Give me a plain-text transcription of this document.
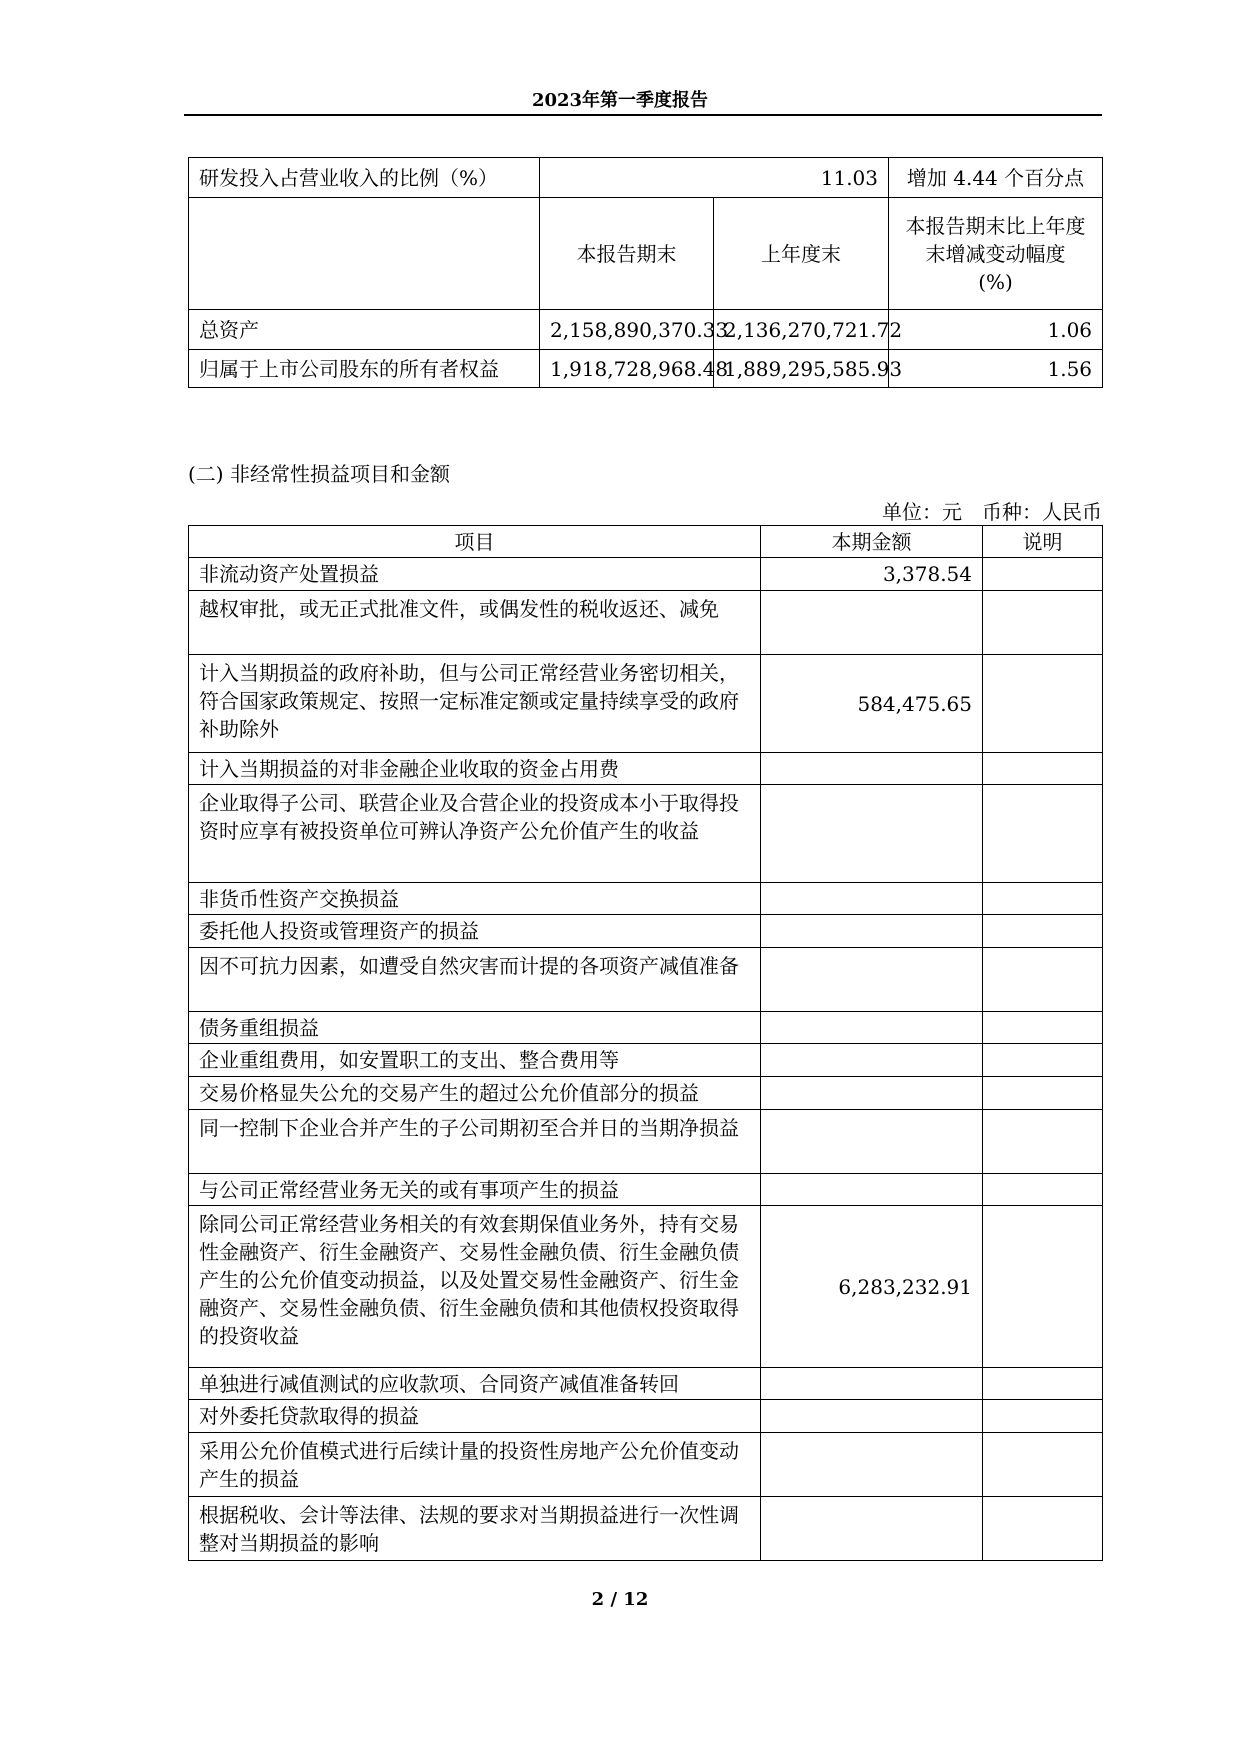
2023年第一季度报告
研发投入占营业收入的比例（%）	11.03		增加 4.44 个百分点
	本报告期末	上年度末	本报告期末比上年度
末增减变动幅度
(%)

总资产	2,158,890,370.33	2,136,270,721.72	1.06
归属于上市公司股东的所有者权益	1,918,728,968.48	1,889,295,585.93	1.56
(二) 非经常性损益项目和金额
单位：元　币种：人民币
项目	本期金额	说明
非流动资产处置损益	3,378.54	
越权审批，或无正式批准文件，或偶发性的税收返还、减免		
计入当期损益的政府补助，但与公司正常经营业务密切相关，符合国家政策规定、按照一定标准定额或定量持续享受的政府补助除外	584,475.65	
计入当期损益的对非金融企业收取的资金占用费		
企业取得子公司、联营企业及合营企业的投资成本小于取得投资时应享有被投资单位可辨认净资产公允价值产生的收益		
非货币性资产交换损益		
委托他人投资或管理资产的损益		
因不可抗力因素，如遭受自然灾害而计提的各项资产减值准备		
债务重组损益		
企业重组费用，如安置职工的支出、整合费用等		
交易价格显失公允的交易产生的超过公允价值部分的损益		
同一控制下企业合并产生的子公司期初至合并日的当期净损益		
与公司正常经营业务无关的或有事项产生的损益		
除同公司正常经营业务相关的有效套期保值业务外，持有交易性金融资产、衍生金融资产、交易性金融负债、衍生金融负债产生的公允价值变动损益，以及处置交易性金融资产、衍生金融资产、交易性金融负债、衍生金融负债和其他债权投资取得的投资收益	6,283,232.91	
单独进行减值测试的应收款项、合同资产减值准备转回		
对外委托贷款取得的损益		
采用公允价值模式进行后续计量的投资性房地产公允价值变动产生的损益		
根据税收、会计等法律、法规的要求对当期损益进行一次性调整对当期损益的影响		
2 / 12
